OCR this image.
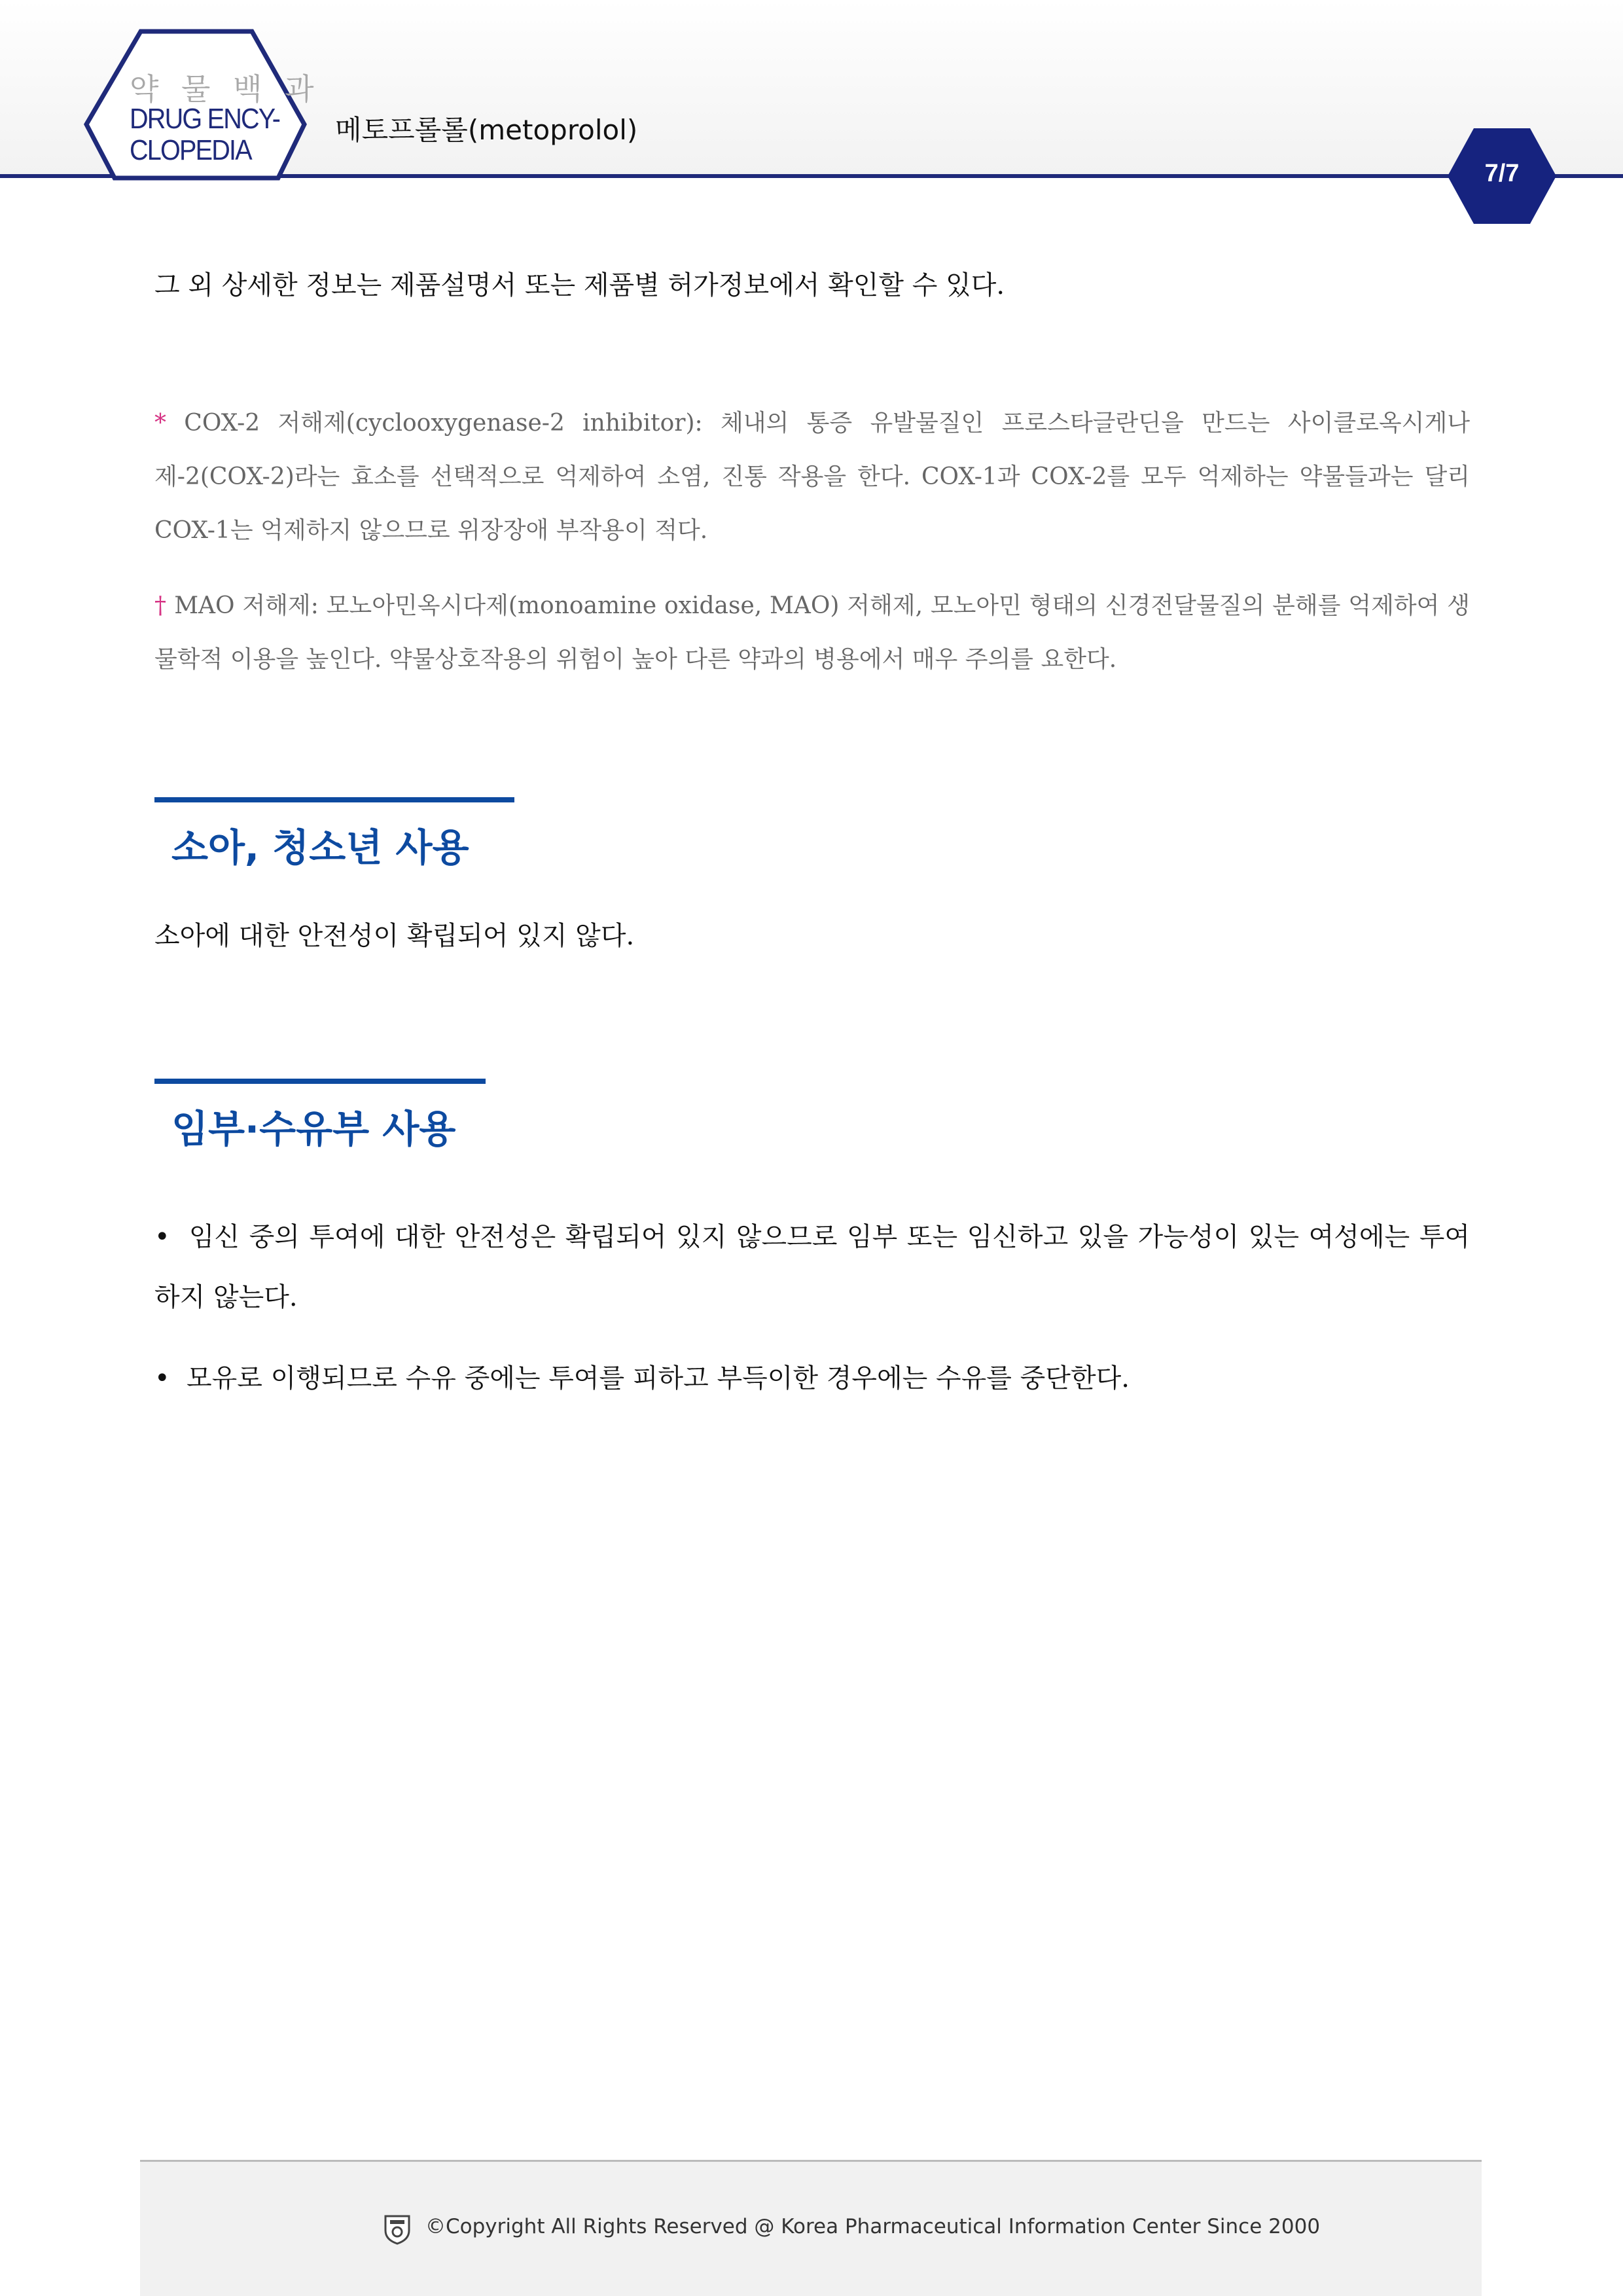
약 물 백 과
DRUG ENCY-
CLOPEDIA
메토프롤롤(metoprolol)
7/7
그 외 상세한 정보는 제품설명서 또는 제품별 허가정보에서 확인할 수 있다.
* COX-2 저해제(cyclooxygenase-2 inhibitor): 체내의 통증 유발물질인 프로스타글란딘을 만드는 사이클로옥시게나제-2(COX-2)라는 효소를 선택적으로 억제하여 소염, 진통 작용을 한다. COX-1과 COX-2를 모두 억제하는 약물들과는 달리 COX-1는 억제하지 않으므로 위장장애 부작용이 적다.
† MAO 저해제: 모노아민옥시다제(monoamine oxidase, MAO) 저해제, 모노아민 형태의 신경전달물질의 분해를 억제하여 생물학적 이용을 높인다. 약물상호작용의 위험이 높아 다른 약과의 병용에서 매우 주의를 요한다.
소아, 청소년 사용
소아에 대한 안전성이 확립되어 있지 않다.
임부·수유부 사용
•  임신 중의 투여에 대한 안전성은 확립되어 있지 않으므로 임부 또는 임신하고 있을 가능성이 있는 여성에는 투여하지 않는다.
•  모유로 이행되므로 수유 중에는 투여를 피하고 부득이한 경우에는 수유를 중단한다.
©Copyright All Rights Reserved @ Korea Pharmaceutical Information Center Since 2000
